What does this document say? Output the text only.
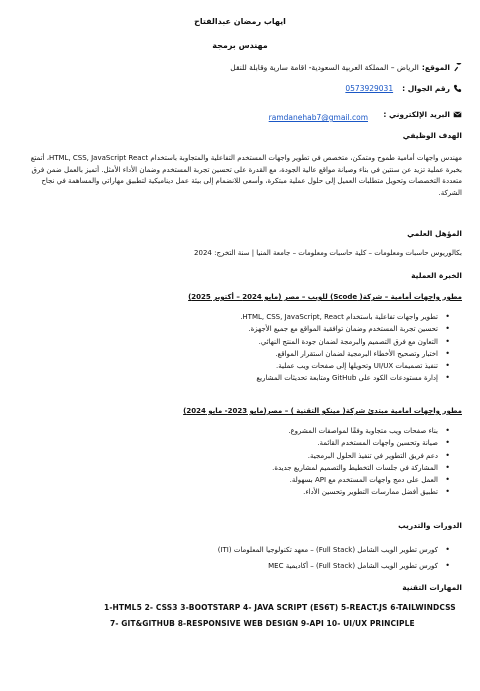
ايهاب رمضان عبدالفتاح
مهندس برمجة
الموقع:
الرياض – المملكة العربية السعودية- اقامة سارية وقابلة للنقل
رقم الجوال :
0573929031
البريد الإلكتروني :
ramdanehab7@gmail.com
الهدف الوظيفي
مهندس واجهات أمامية طموح ومتمكن، متخصص في تطوير واجهات المستخدم التفاعلية والمتجاوبة باستخدام HTML, CSS, JavaScript React، أتمتع بخبرة عملية تزيد عن سنتين في بناء وصيانة مواقع عالية الجودة، مع القدرة على تحسين تجربة المستخدم وضمان الأداء الأمثل. أتميز بالعمل ضمن فرق متعددة التخصصات وتحويل متطلبات العميل إلى حلول عملية مبتكرة، وأسعى للانضمام إلى بيئة عمل ديناميكية لتطبيق مهاراتي والمساهمة في نجاح الشركة.
المؤهل العلمي
بكالوريوس حاسبات ومعلومات – كلية حاسبات ومعلومات – جامعة المنيا | سنة التخرج: 2024
الخبرة العملية
مطور واجهات أمامية – شركة( Scode) للويب – مصر (مايو 2024 – أكتوبر 2025)
• تطوير واجهات تفاعلية باستخدام HTML, CSS, JavaScript, React.
• تحسين تجربة المستخدم وضمان توافقية المواقع مع جميع الأجهزة.
• التعاون مع فرق التصميم والبرمجة لضمان جودة المنتج النهائي.
• اختبار وتصحيح الأخطاء البرمجية لضمان استقرار المواقع.
• تنفيذ تصميمات UI/UX وتحويلها إلى صفحات ويب عملية.
• إدارة مستودعات الكود على GitHub ومتابعة تحديثات المشاريع
مطور واجهات امامية مبتدئ شركة( مينكو التقنية ) – مصر(مايو 2023- مايو 2024)
• بناء صفحات ويب متجاوبة وفقًا لمواصفات المشروع.
• صيانة وتحسين واجهات المستخدم القائمة.
• دعم فريق التطوير في تنفيذ الحلول البرمجية.
• المشاركة في جلسات التخطيط والتصميم لمشاريع جديدة.
• العمل على دمج واجهات المستخدم مع API بسهولة.
• تطبيق أفضل ممارسات التطوير وتحسين الأداء.
الدورات والتدريب
• كورس تطوير الويب الشامل (Full Stack) – معهد تكنولوجيا المعلومات (ITI)
• كورس تطوير الويب الشامل (Full Stack) – أكاديمية MEC
المهارات التقنية
1-HTML5 2- CSS3 3-BOOTSTARP 4- JAVA SCRIPT (ES6T) 5-REACT.JS 6-TAILWINDCSS
7- GIT&GITHUB 8-RESPONSIVE WEB DESIGN 9-API 10- UI/UX PRINCIPLE
